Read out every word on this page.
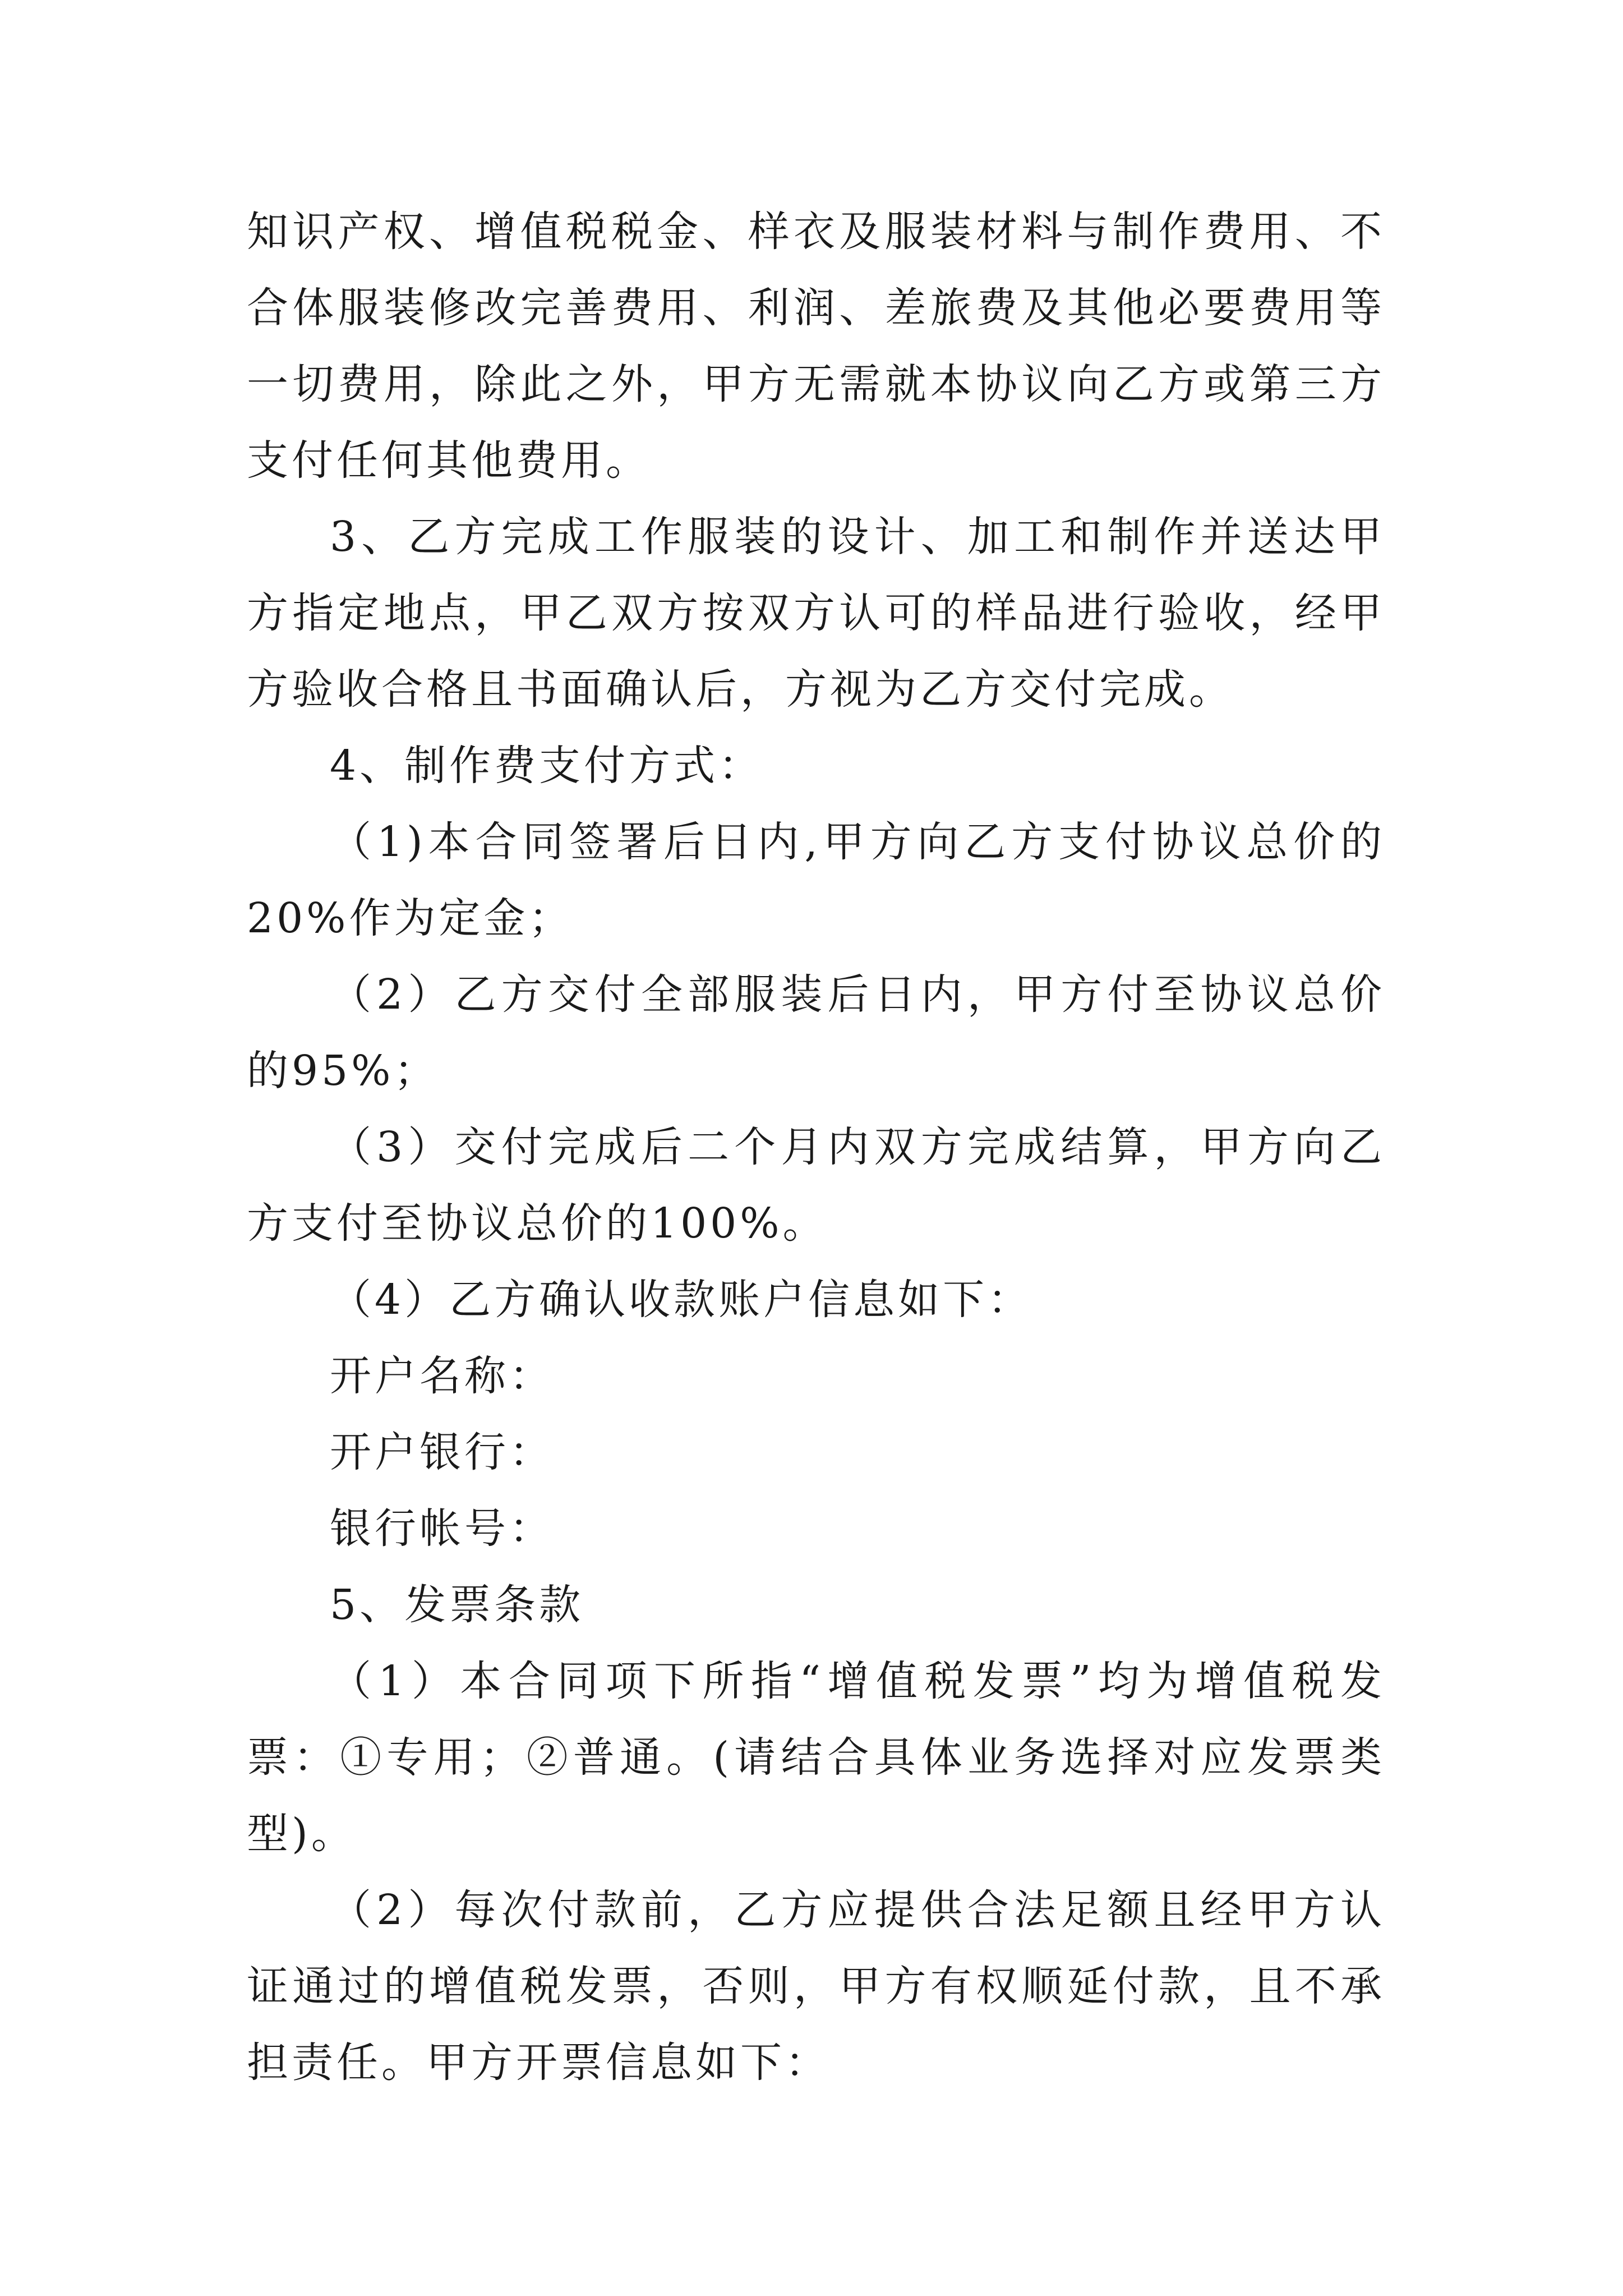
知识产权、增值税税金、样衣及服装材料与制作费用、不合体服装修改完善费用、利润、差旅费及其他必要费用等一切费用，除此之外，甲方无需就本协议向乙方或第三方支付任何其他费用。

3、乙方完成工作服装的设计、加工和制作并送达甲方指定地点，甲乙双方按双方认可的样品进行验收，经甲方验收合格且书面确认后，方视为乙方交付完成。

4、制作费支付方式：

（1)本合同签署后日内,甲方向乙方支付协议总价的20%作为定金；

（2）乙方交付全部服装后日内，甲方付至协议总价的95%；

（3）交付完成后二个月内双方完成结算，甲方向乙方支付至协议总价的100%。

（4）乙方确认收款账户信息如下：

开户名称：

开户银行：

银行帐号：

5、发票条款

（1）本合同项下所指“增值税发票”均为增值税发票：①专用；②普通。(请结合具体业务选择对应发票类型)。

（2）每次付款前，乙方应提供合法足额且经甲方认证通过的增值税发票，否则，甲方有权顺延付款，且不承担责任。甲方开票信息如下：
